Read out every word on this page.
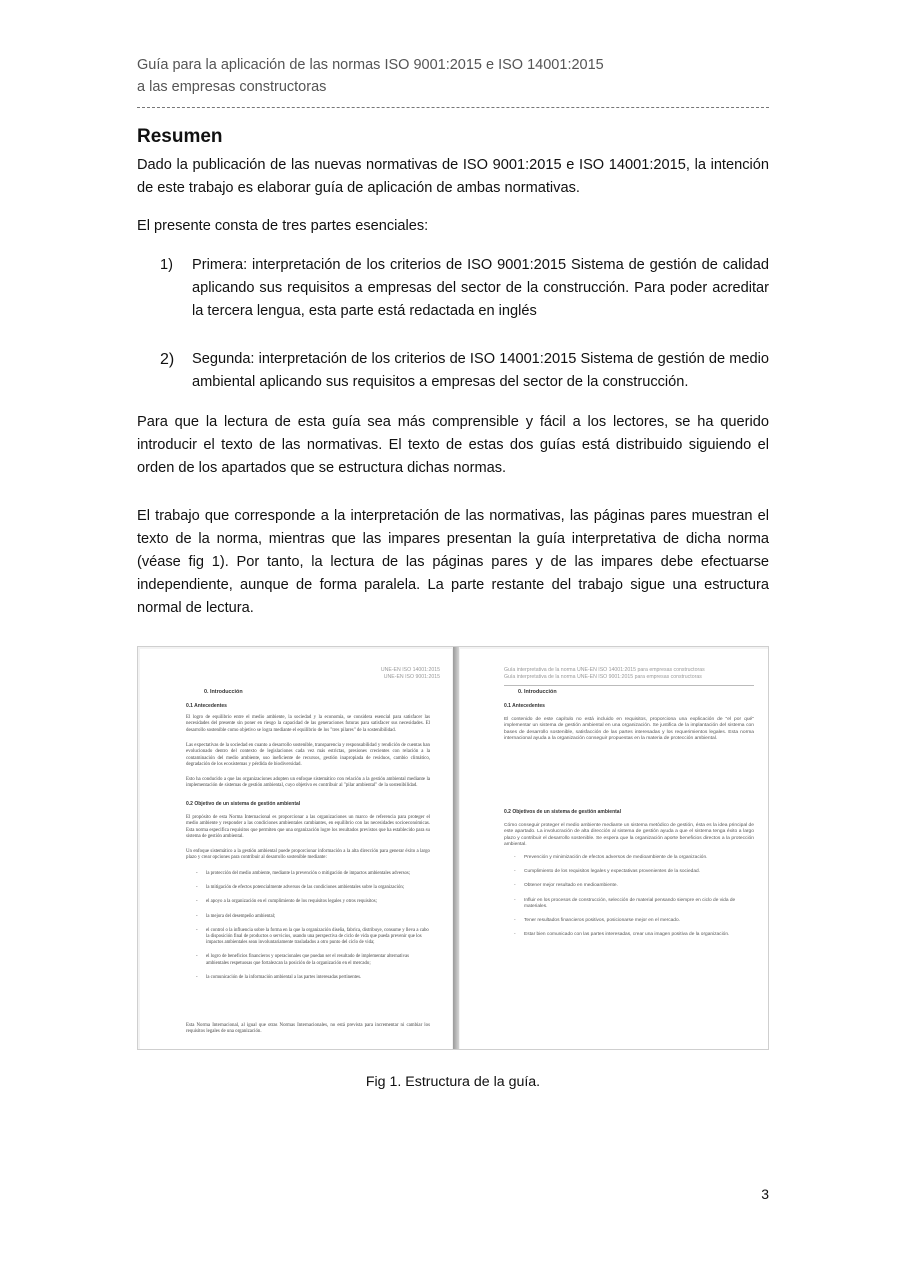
Guía para la aplicación de las normas ISO 9001:2015 e ISO 14001:2015
a las empresas constructoras
Resumen
Dado la publicación de las nuevas normativas de ISO 9001:2015 e ISO 14001:2015, la intención de este trabajo es elaborar guía de aplicación de ambas normativas.
El presente consta de tres partes esenciales:
1)	Primera: interpretación de los criterios de ISO 9001:2015 Sistema de gestión de calidad aplicando sus requisitos a empresas del sector de la construcción. Para poder acreditar la tercera lengua, esta parte está redactada en inglés
2)	Segunda: interpretación de los criterios de ISO 14001:2015 Sistema de gestión de medio ambiental aplicando sus requisitos a empresas del sector de la construcción.
Para que la lectura de esta guía sea más comprensible y fácil a los lectores, se ha querido introducir el texto de las normativas. El texto de estas dos guías está distribuido siguiendo el orden de los apartados que se estructura dichas normas.
El trabajo que corresponde a la interpretación de las normativas, las páginas pares muestran el texto de la norma, mientras que las impares presentan la guía interpretativa de dicha norma (véase fig 1). Por tanto, la lectura de las páginas pares y de las impares debe efectuarse independiente, aunque de forma paralela. La parte restante del trabajo sigue una estructura normal de lectura.
UNE-EN ISO 14001:2015
UNE-EN ISO 9001:2015
0. Introducción
0.1 Antecedentes
El logro de equilibrio entre el medio ambiente, la sociedad y la economía, se considera esencial para satisfacer las necesidades del presente sin poner en riesgo la capacidad de las generaciones futuras para satisfacer sus necesidades. El desarrollo sostenible como objetivo se logra mediante el equilibrio de los "tres pilares" de la sostenibilidad.
Las expectativas de la sociedad en cuanto a desarrollo sostenible, transparencia y responsabilidad y rendición de cuentas han evolucionado dentro del contexto de legislaciones cada vez más estrictas, presiones crecientes con relación a la contaminación del medio ambiente, uso ineficiente de recursos, gestión inapropiada de residuos, cambio climático, degradación de los ecosistemas y pérdida de biodiversidad.
Esto ha conducido a que las organizaciones adopten un enfoque sistemático con relación a la gestión ambiental mediante la implementación de sistemas de gestión ambiental, cuyo objetivo es contribuir al "pilar ambiental" de la sostenibilidad.
0.2 Objetivo de un sistema de gestión ambiental
El propósito de esta Norma Internacional es proporcionar a las organizaciones un marco de referencia para proteger el medio ambiente y responder a las condiciones ambientales cambiantes, en equilibrio con las necesidades socioeconómicas. Esta norma especifica requisitos que permiten que una organización logre los resultados previstos que ha establecido para su sistema de gestión ambiental.
Un enfoque sistemático a la gestión ambiental puede proporcionar información a la alta dirección para generar éxito a largo plazo y crear opciones para contribuir al desarrollo sostenible mediante:
- la protección del medio ambiente, mediante la prevención o mitigación de impactos ambientales adversos;
- la mitigación de efectos potencialmente adversos de las condiciones ambientales sobre la organización;
- el apoyo a la organización en el cumplimiento de los requisitos legales y otros requisitos;
- la mejora del desempeño ambiental;
- el control o la influencia sobre la forma en la que la organización diseña, fabrica, distribuye, consume y lleva a cabo la disposición final de productos o servicios, usando una perspectiva de ciclo de vida que pueda prevenir que los impactos ambientales sean involuntariamente trasladados a otro punto del ciclo de vida;
- el logro de beneficios financieros y operacionales que puedan ser el resultado de implementar alternativas ambientales respetuosas que fortalezcan la posición de la organización en el mercado;
- la comunicación de la información ambiental a las partes interesadas pertinentes.
Esta Norma Internacional, al igual que otras Normas Internacionales, no está prevista para incrementar ni cambiar los requisitos legales de una organización.
Guía interpretativa de la norma UNE-EN ISO 14001:2015 para empresas constructoras
Guía interpretativa de la norma UNE-EN ISO 9001:2015 para empresas constructoras
0. Introducción
0.1 Antecedentes
El contenido de este capítulo no está incluido en requisitos, proporciona una explicación de "el por qué" implementar un sistema de gestión ambiental en una organización. Se justifica de la implantación del sistema con bases de desarrollo sostenible, satisfacción de las partes interesadas y los requerimientos legales. Esta norma internacional ayuda a la organización conseguir propuestas en la materia de protección ambiental.
0.2 Objetivos de un sistema de gestión ambiental
Cómo conseguir proteger el medio ambiente mediante un sistema metódico de gestión, ésta es la idea principal de este apartado. La involucración de alta dirección al sistema de gestión ayuda a que el sistema tenga éxito a largo plazo y contribuir el desarrollo sostenible. Se espera que la organización aporte beneficios directos a la protección ambiental.
- Prevención y minimización de efectos adversos de medioambiente de la organización.
- Cumplimiento de los requisitos legales y expectativas provenientes de la sociedad.
- Obtener mejor resultado en medioambiente.
- Influir en los procesos de construcción, selección de material pensando siempre en ciclo de vida de materiales.
- Tener resultados financieros positivos, posicionarse mejor en el mercado.
- Estar bien comunicado con las partes interesadas, crear una imagen positiva de la organización.
Fig 1. Estructura de la guía.
3
